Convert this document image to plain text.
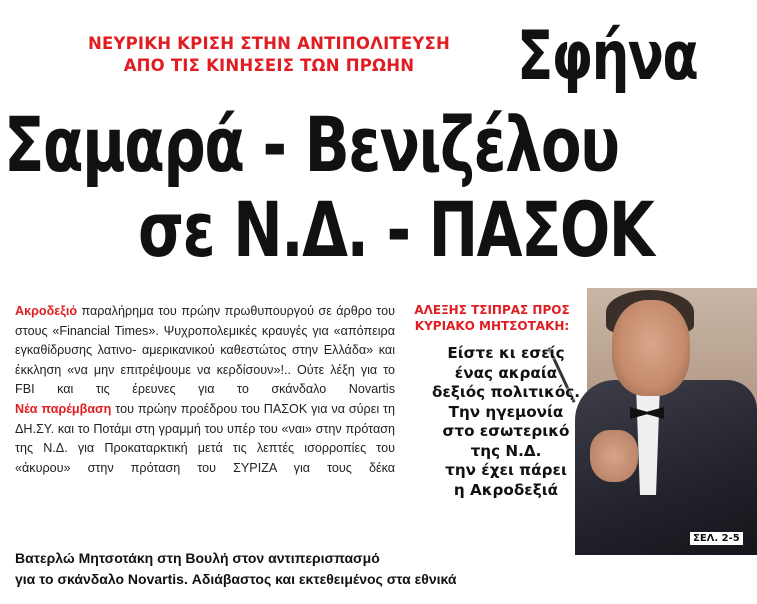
ΝΕΥΡΙΚΗ ΚΡΙΣΗ ΣΤΗΝ ΑΝΤΙΠΟΛΙΤΕΥΣΗ
ΑΠΟ ΤΙΣ ΚΙΝΗΣΕΙΣ ΤΩΝ ΠΡΩΗΝ	Σφήνα
Σαμαρά - Βενιζέλου
σε Ν.Δ. - ΠΑΣΟΚ

Ακροδεξιό παραλήρημα του πρώην πρωθυπουργού σε άρθρο του στους «Financial Times». Ψυχροπολεμικές κραυγές για «απόπειρα εγκαθίδρυσης λατινο- αμερικανικού καθεστώτος στην Ελλάδα» και έκκληση «να μην επιτρέψουμε να κερδίσουν»!.. Ούτε λέξη για το FBI και τις έρευνες για το σκάνδαλο Novartis

Νέα παρέμβαση του πρώην προέδρου του ΠΑΣΟΚ για να σύρει τη ΔΗ.ΣΥ. και το Ποτάμι στη γραμμή του υπέρ του «ναι» στην πρόταση της Ν.Δ. για Προκαταρκτική μετά τις λεπτές ισορροπίες του «άκυρου» στην πρόταση του ΣΥΡΙΖΑ για τους δέκα

ΑΛΕΞΗΣ ΤΣΙΠΡΑΣ ΠΡΟΣ
ΚΥΡΙΑΚΟ ΜΗΤΣΟΤΑΚΗ:
Είστε κι εσείς
ένας ακραία
δεξιός πολιτικός.
Την ηγεμονία
στο εσωτερικό
της Ν.Δ.
την έχει πάρει
η Ακροδεξιά
ΣΕΛ. 2-5
Βατερλώ Μητσοτάκη στη Βουλή στον αντιπερισπασμό
για το σκάνδαλο Novartis. Αδιάβαστος και εκτεθειμένος στα εθνικά
